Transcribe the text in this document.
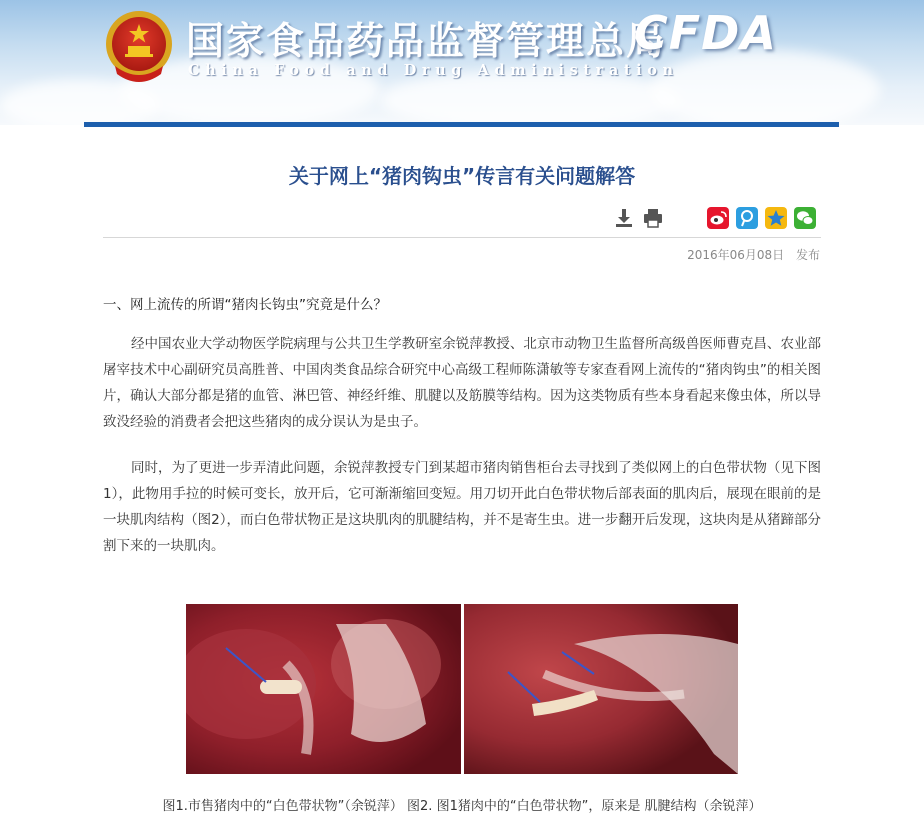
国家食品药品监督管理总局
China Food and Drug Administration
CFDA
关于网上“猪肉钩虫”传言有关问题解答
2016年06月08日 发布
一、网上流传的所谓“猪肉长钩虫”究竟是什么？

经中国农业大学动物医学院病理与公共卫生学教研室余锐萍教授、北京市动物卫生监督所高级兽医师曹克昌、农业部屠宰技术中心副研究员高胜普、中国肉类食品综合研究中心高级工程师陈潇敏等专家查看网上流传的“猪肉钩虫”的相关图片，确认大部分都是猪的血管、淋巴管、神经纤维、肌腱以及筋膜等结构。因为这类物质有些本身看起来像虫体，所以导致没经验的消费者会把这些猪肉的成分误认为是虫子。

同时，为了更进一步弄清此问题，余锐萍教授专门到某超市猪肉销售柜台去寻找到了类似网上的白色带状物（见下图1），此物用手拉的时候可变长，放开后，它可渐渐缩回变短。用刀切开此白色带状物后部表面的肌肉后，展现在眼前的是一块肌肉结构（图2），而白色带状物正是这块肌肉的肌腱结构，并不是寄生虫。进一步翻开后发现，这块肉是从猪蹄部分割下来的一块肌肉。

图1.市售猪肉中的“白色带状物”（余锐萍） 图2. 图1猪肉中的“白色带状物”，原来是 肌腱结构（余锐萍）
